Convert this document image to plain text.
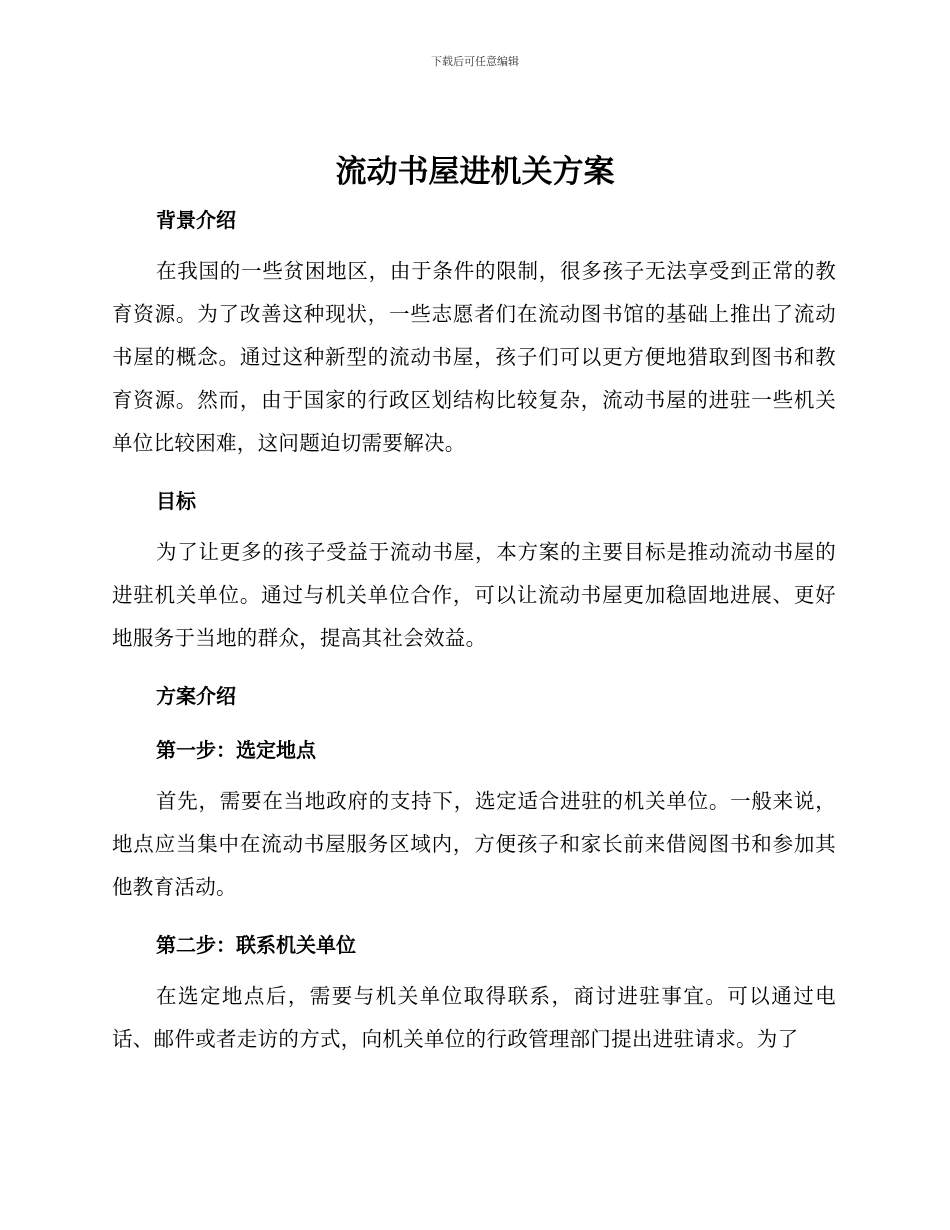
下载后可任意编辑
流动书屋进机关方案
背景介绍
在我国的一些贫困地区，由于条件的限制，很多孩子无法享受到正常的教育资源。为了改善这种现状，一些志愿者们在流动图书馆的基础上推出了流动书屋的概念。通过这种新型的流动书屋，孩子们可以更方便地猎取到图书和教育资源。然而，由于国家的行政区划结构比较复杂，流动书屋的进驻一些机关单位比较困难，这问题迫切需要解决。
目标
为了让更多的孩子受益于流动书屋，本方案的主要目标是推动流动书屋的进驻机关单位。通过与机关单位合作，可以让流动书屋更加稳固地进展、更好地服务于当地的群众，提高其社会效益。
方案介绍
第一步：选定地点
首先，需要在当地政府的支持下，选定适合进驻的机关单位。一般来说，地点应当集中在流动书屋服务区域内，方便孩子和家长前来借阅图书和参加其他教育活动。
第二步：联系机关单位
在选定地点后，需要与机关单位取得联系，商讨进驻事宜。可以通过电话、邮件或者走访的方式，向机关单位的行政管理部门提出进驻请求。为了
